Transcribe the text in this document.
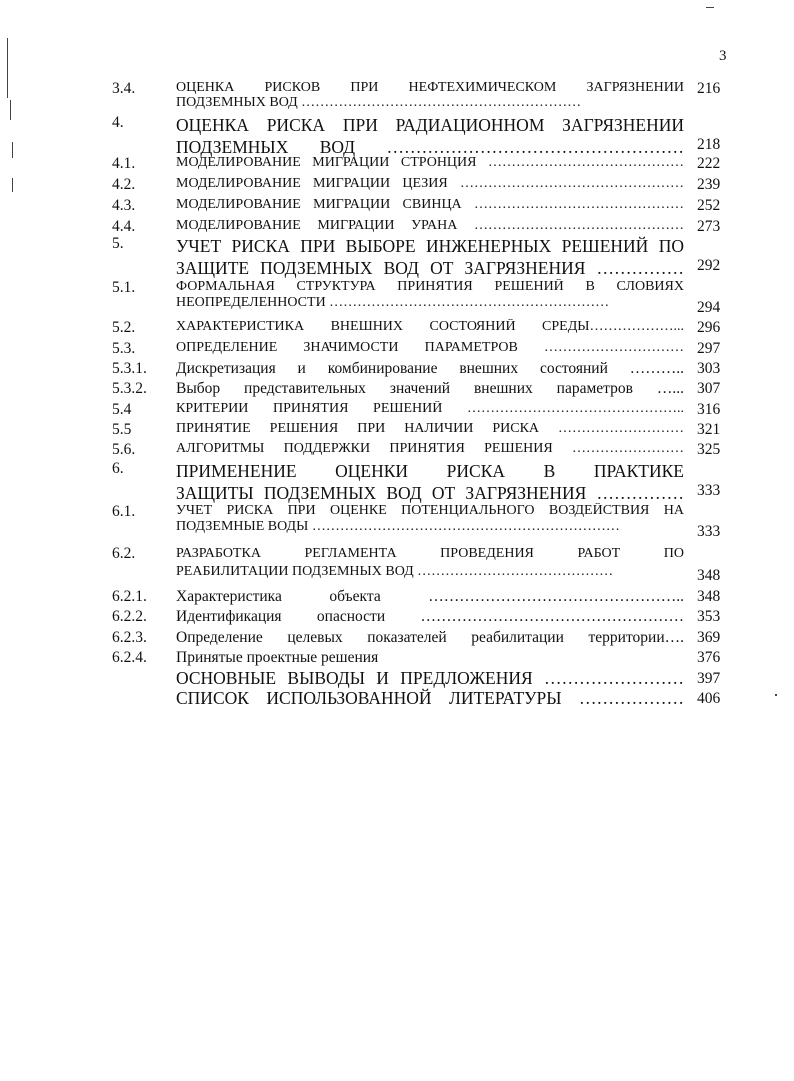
3
3.4.	ОЦЕНКА РИСКОВ ПРИ НЕФТЕХИМИЧЕСКОМ ЗАГРЯЗНЕНИИ
ПОДЗЕМНЫХ ВОД ……………………………………………………
216
4.	ОЦЕНКА РИСКА ПРИ РАДИАЦИОННОМ ЗАГРЯЗНЕНИИ
ПОДЗЕМНЫХ ВОД …………………………………………… 218
4.1.	МОДЕЛИРОВАНИЕ МИГРАЦИИ СТРОНЦИЯ …………………………………… 222
4.2.	МОДЕЛИРОВАНИЕ МИГРАЦИИ ЦЕЗИЯ ………………………………………… 239
4.3.	МОДЕЛИРОВАНИЕ МИГРАЦИИ СВИНЦА ……………………………………… 252
4.4.	МОДЕЛИРОВАНИЕ МИГРАЦИИ УРАНА ……………………………………… 273
5.	УЧЕТ РИСКА ПРИ ВЫБОРЕ ИНЖЕНЕРНЫХ РЕШЕНИЙ ПО
ЗАЩИТЕ ПОДЗЕМНЫХ ВОД ОТ ЗАГРЯЗНЕНИЯ …………… 292
5.1.	ФОРМАЛЬНАЯ СТРУКТУРА ПРИНЯТИЯ РЕШЕНИЙ В СЛОВИЯХ
НЕОПРЕДЕЛЕННОСТИ ……………………………………………………	294
5.2.	ХАРАКТЕРИСТИКА ВНЕШНИХ СОСТОЯНИЙ СРЕДЫ………………... 296
5.3.	ОПРЕДЕЛЕНИЕ ЗНАЧИМОСТИ ПАРАМЕТРОВ ………………………… 297
5.3.1. Дискретизация и комбинирование внешних состояний ……….. 303
5.3.2. Выбор представительных значений внешних параметров …... 307
5.4	КРИТЕРИИ ПРИНЯТИЯ РЕШЕНИЙ ……………………………………….. 316
5.5	ПРИНЯТИЕ РЕШЕНИЯ ПРИ НАЛИЧИИ РИСКА ……………………… 321
5.6.	АЛГОРИТМЫ ПОДДЕРЖКИ ПРИНЯТИЯ РЕШЕНИЯ …………………… 325
6.	ПРИМЕНЕНИЕ ОЦЕНКИ РИСКА В ПРАКТИКЕ
ЗАЩИТЫ ПОДЗЕМНЫХ ВОД ОТ ЗАГРЯЗНЕНИЯ …………… 333
6.1.	УЧЕТ РИСКА ПРИ ОЦЕНКЕ ПОТЕНЦИАЛЬНОГО ВОЗДЕЙСТВИЯ НА
ПОДЗЕМНЫЕ ВОДЫ …………………………………………………………	333
6.2.	РАЗРАБОТКА РЕГЛАМЕНТА ПРОВЕДЕНИЯ РАБОТ ПО
РЕАБИЛИТАЦИИ ПОДЗЕМНЫХ ВОД ……………………………………	348
6.2.1. Характеристика объекта ………………………………………….. 348
6.2.2. Идентификация опасности …………………………………………… 353
6.2.3. Определение целевых показателей реабилитации территории…. 369
6.2.4. Принятые проектные решения	376
ОСНОВНЫЕ ВЫВОДЫ И ПРЕДЛОЖЕНИЯ …………………… 397
СПИСОК ИСПОЛЬЗОВАННОЙ ЛИТЕРАТУРЫ ……………… 406
